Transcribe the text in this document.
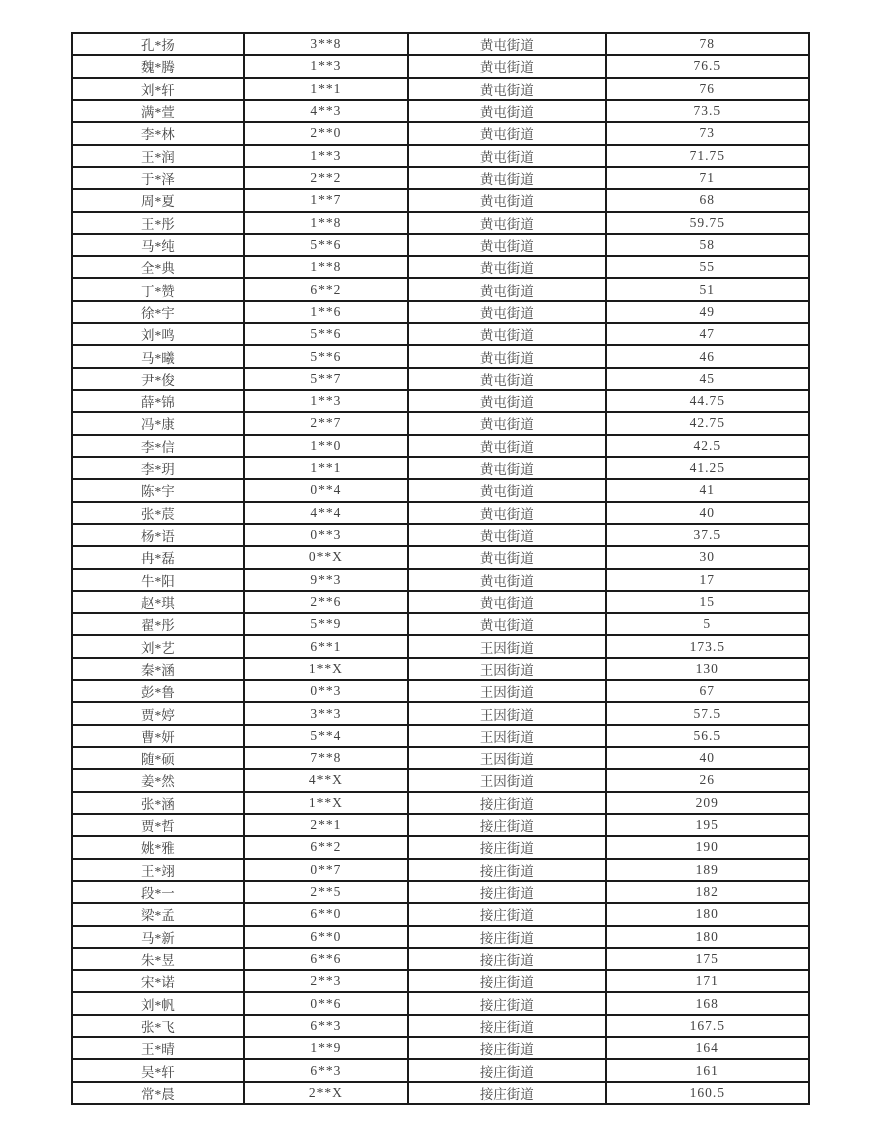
孔*扬	3**8	黄屯街道	78
魏*腾	1**3	黄屯街道	76.5
刘*轩	1**1	黄屯街道	76
满*萱	4**3	黄屯街道	73.5
李*林	2**0	黄屯街道	73
王*润	1**3	黄屯街道	71.75
于*泽	2**2	黄屯街道	71
周*夏	1**7	黄屯街道	68
王*彤	1**8	黄屯街道	59.75
马*纯	5**6	黄屯街道	58
全*典	1**8	黄屯街道	55
丁*赞	6**2	黄屯街道	51
徐*宇	1**6	黄屯街道	49
刘*鸣	5**6	黄屯街道	47
马*曦	5**6	黄屯街道	46
尹*俊	5**7	黄屯街道	45
薛*锦	1**3	黄屯街道	44.75
冯*康	2**7	黄屯街道	42.75
李*信	1**0	黄屯街道	42.5
李*玥	1**1	黄屯街道	41.25
陈*宇	0**4	黄屯街道	41
张*莀	4**4	黄屯街道	40
杨*语	0**3	黄屯街道	37.5
冉*磊	0**X	黄屯街道	30
牛*阳	9**3	黄屯街道	17
赵*琪	2**6	黄屯街道	15
翟*彤	5**9	黄屯街道	5
刘*艺	6**1	王因街道	173.5
秦*涵	1**X	王因街道	130
彭*鲁	0**3	王因街道	67
贾*婷	3**3	王因街道	57.5
曹*妍	5**4	王因街道	56.5
随*硕	7**8	王因街道	40
姜*然	4**X	王因街道	26
张*涵	1**X	接庄街道	209
贾*哲	2**1	接庄街道	195
姚*雅	6**2	接庄街道	190
王*翊	0**7	接庄街道	189
段*一	2**5	接庄街道	182
梁*孟	6**0	接庄街道	180
马*新	6**0	接庄街道	180
朱*昱	6**6	接庄街道	175
宋*诺	2**3	接庄街道	171
刘*帆	0**6	接庄街道	168
张*飞	6**3	接庄街道	167.5
王*晴	1**9	接庄街道	164
吴*轩	6**3	接庄街道	161
常*晨	2**X	接庄街道	160.5
